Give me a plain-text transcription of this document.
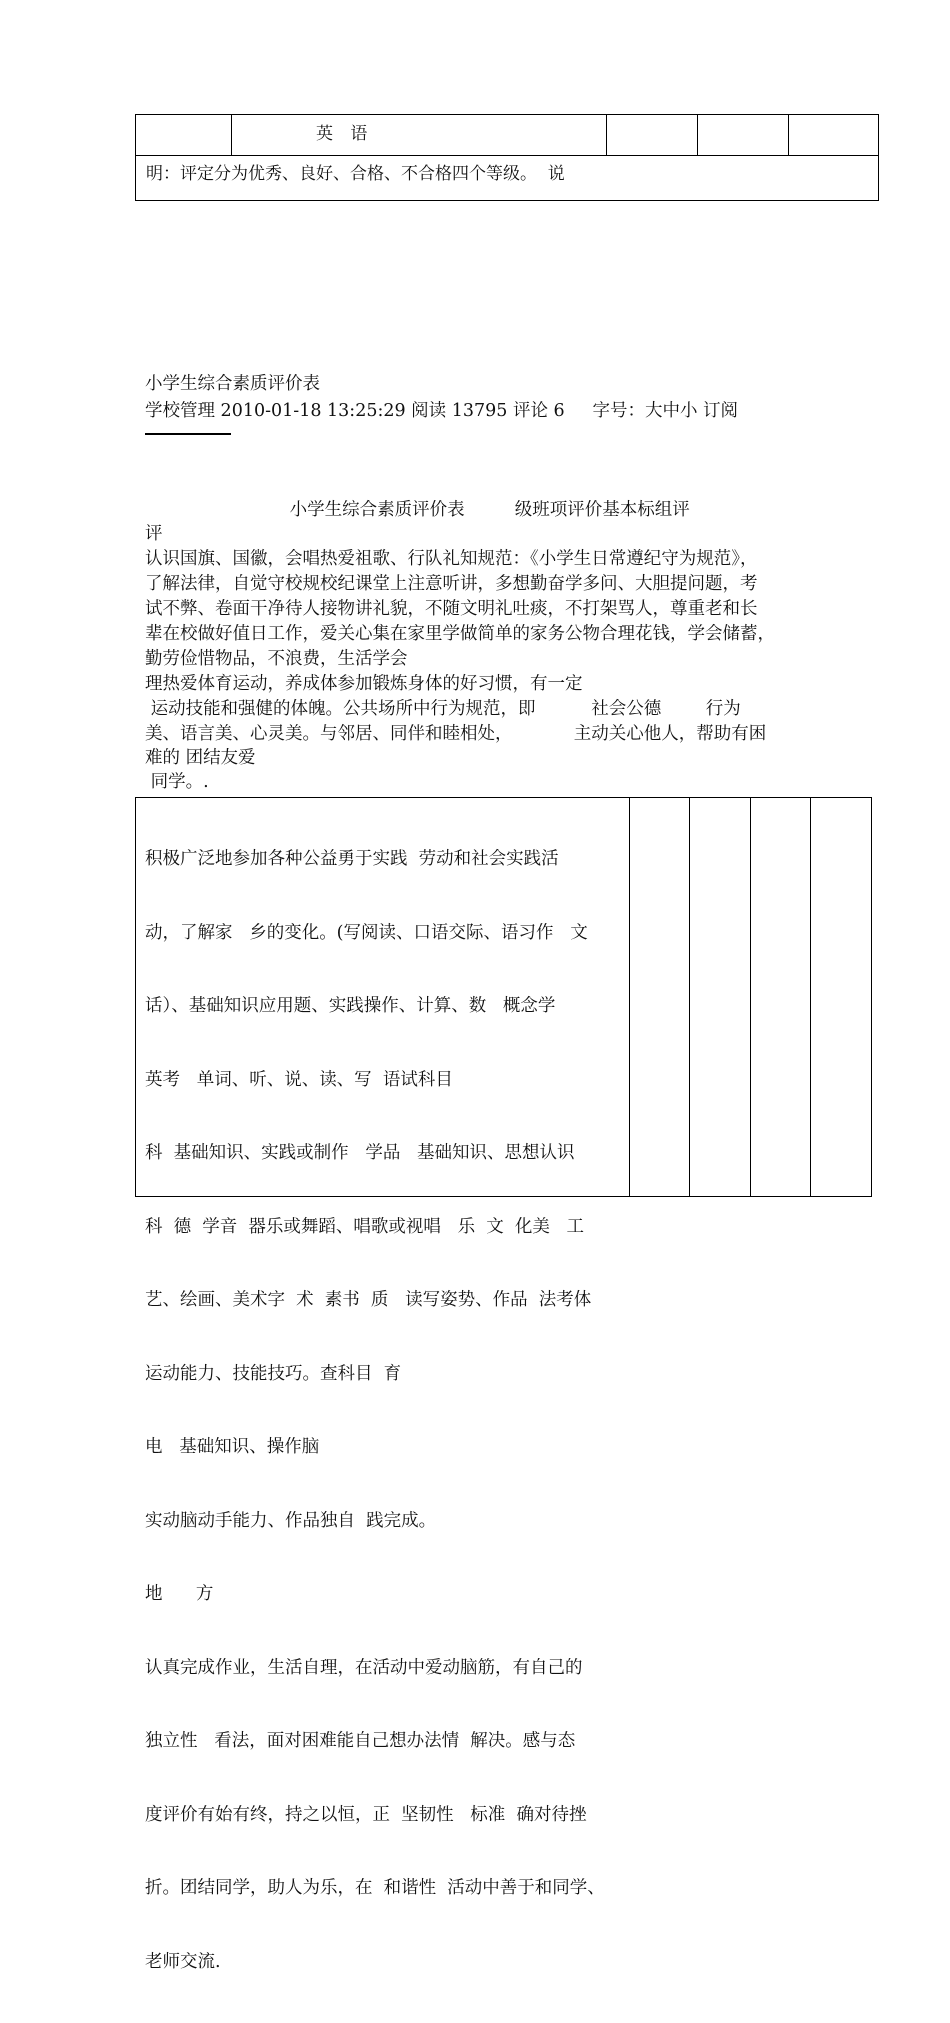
英 语
明：评定分为优秀、良好、合格、不合格四个等级。  说
小学生综合素质评价表
学校管理 2010-01-18 13:25:29 阅读 13795 评论 6     字号：大中小 订阅
小学生综合素质评价表         级班项评价基本标组评
评
认识国旗、国徽，会唱热爱祖歌、行队礼知规范：《小学生日常遵纪守为规范》，
了解法律，自觉守校规校纪课堂上注意听讲，多想勤奋学多问、大胆提问题，考
试不弊、卷面干净待人接物讲礼貌，不随文明礼吐痰，不打架骂人，尊重老和长
辈在校做好值日工作，爱关心集在家里学做简单的家务公物合理花钱，学会储蓄，
勤劳俭惜物品，不浪费，生活学会
理热爱体育运动，养成体参加锻炼身体的好习惯，有一定
运动技能和强健的体魄。公共场所中行为规范，即          社会公德        行为
美、语言美、心灵美。与邻居、同伴和睦相处，           主动关心他人，帮助有困
难的 团结友爱
同学。.

积极广泛地参加各种公益勇于实践  劳动和社会实践活

动，了解家   乡的变化。(写阅读、口语交际、语习作   文

话）、基础知识应用题、实践操作、计算、数   概念学

英考   单词、听、说、读、写  语试科目

科  基础知识、实践或制作   学品   基础知识、思想认识

科  德  学音  器乐或舞蹈、唱歌或视唱   乐  文  化美   工

艺、绘画、美术字  术  素书  质   读写姿势、作品  法考体

运动能力、技能技巧。查科目  育

电   基础知识、操作脑

实动脑动手能力、作品独自  践完成。

地      方

认真完成作业，生活自理，在活动中爱动脑筋，有自己的

独立性   看法，面对困难能自己想办法情  解决。感与态

度评价有始有终，持之以恒，正  坚韧性   标准  确对待挫

折。团结同学，助人为乐，在  和谐性  活动中善于和同学、

老师交流.
